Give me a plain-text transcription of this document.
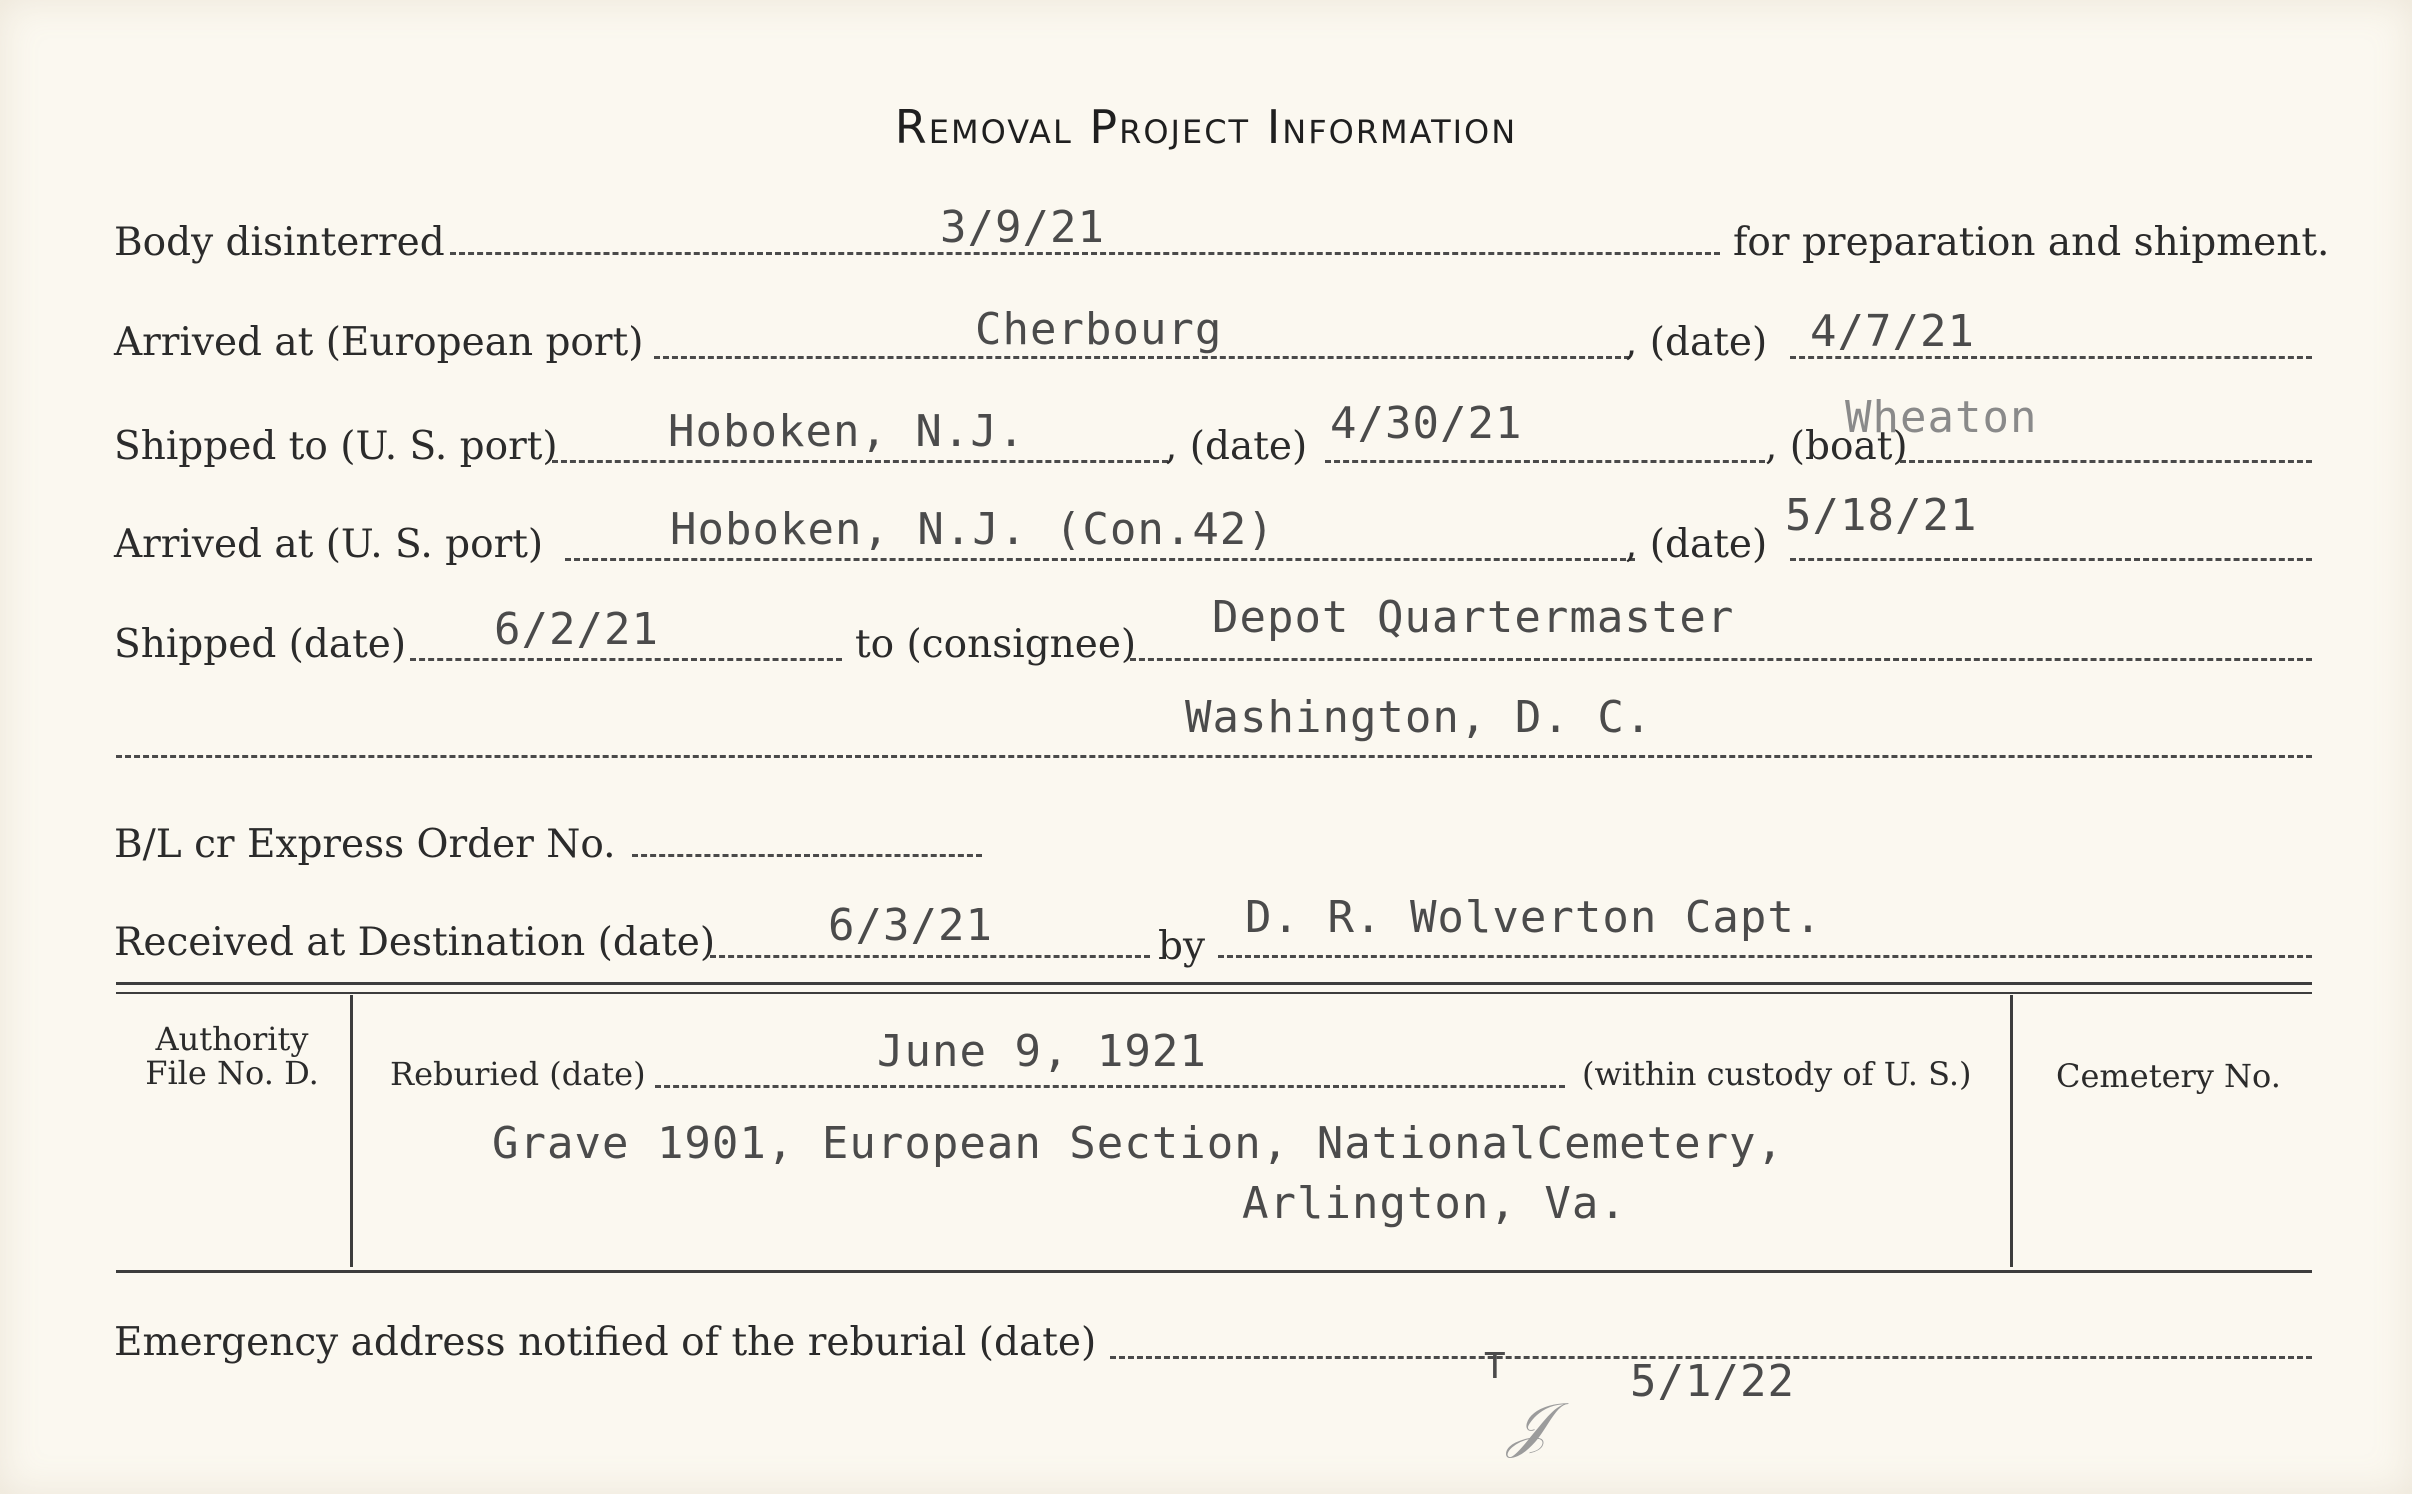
Removal Project Information
Body disinterred	3/9/21	for preparation and shipment.
Arrived at (European port)	Cherbourg	, (date) 4/7/21
Shipped to (U. S. port)	Hoboken, N.J.	, (date) 4/30/21	, (boat)
Wheaton
Arrived at (U. S. port)	Hoboken, N.J. (Con.42)	, (date)
5/18/21
Shipped (date) 6/2/21	to (consignee)
Depot Quartermaster
Washington, D. C.
B/L cr Express Order No.
Received at Destination (date)	6/3/21	by
D. R. Wolverton Capt.
Authority
File No. D.	Reburied (date)	June 9, 1921	(within custody of U. S.)
Grave 1901, European Section, NationalCemetery,
Arlington, Va.
Cemetery No.
Emergency address notified of the reburial (date)
T	5/1/22
𝒥
